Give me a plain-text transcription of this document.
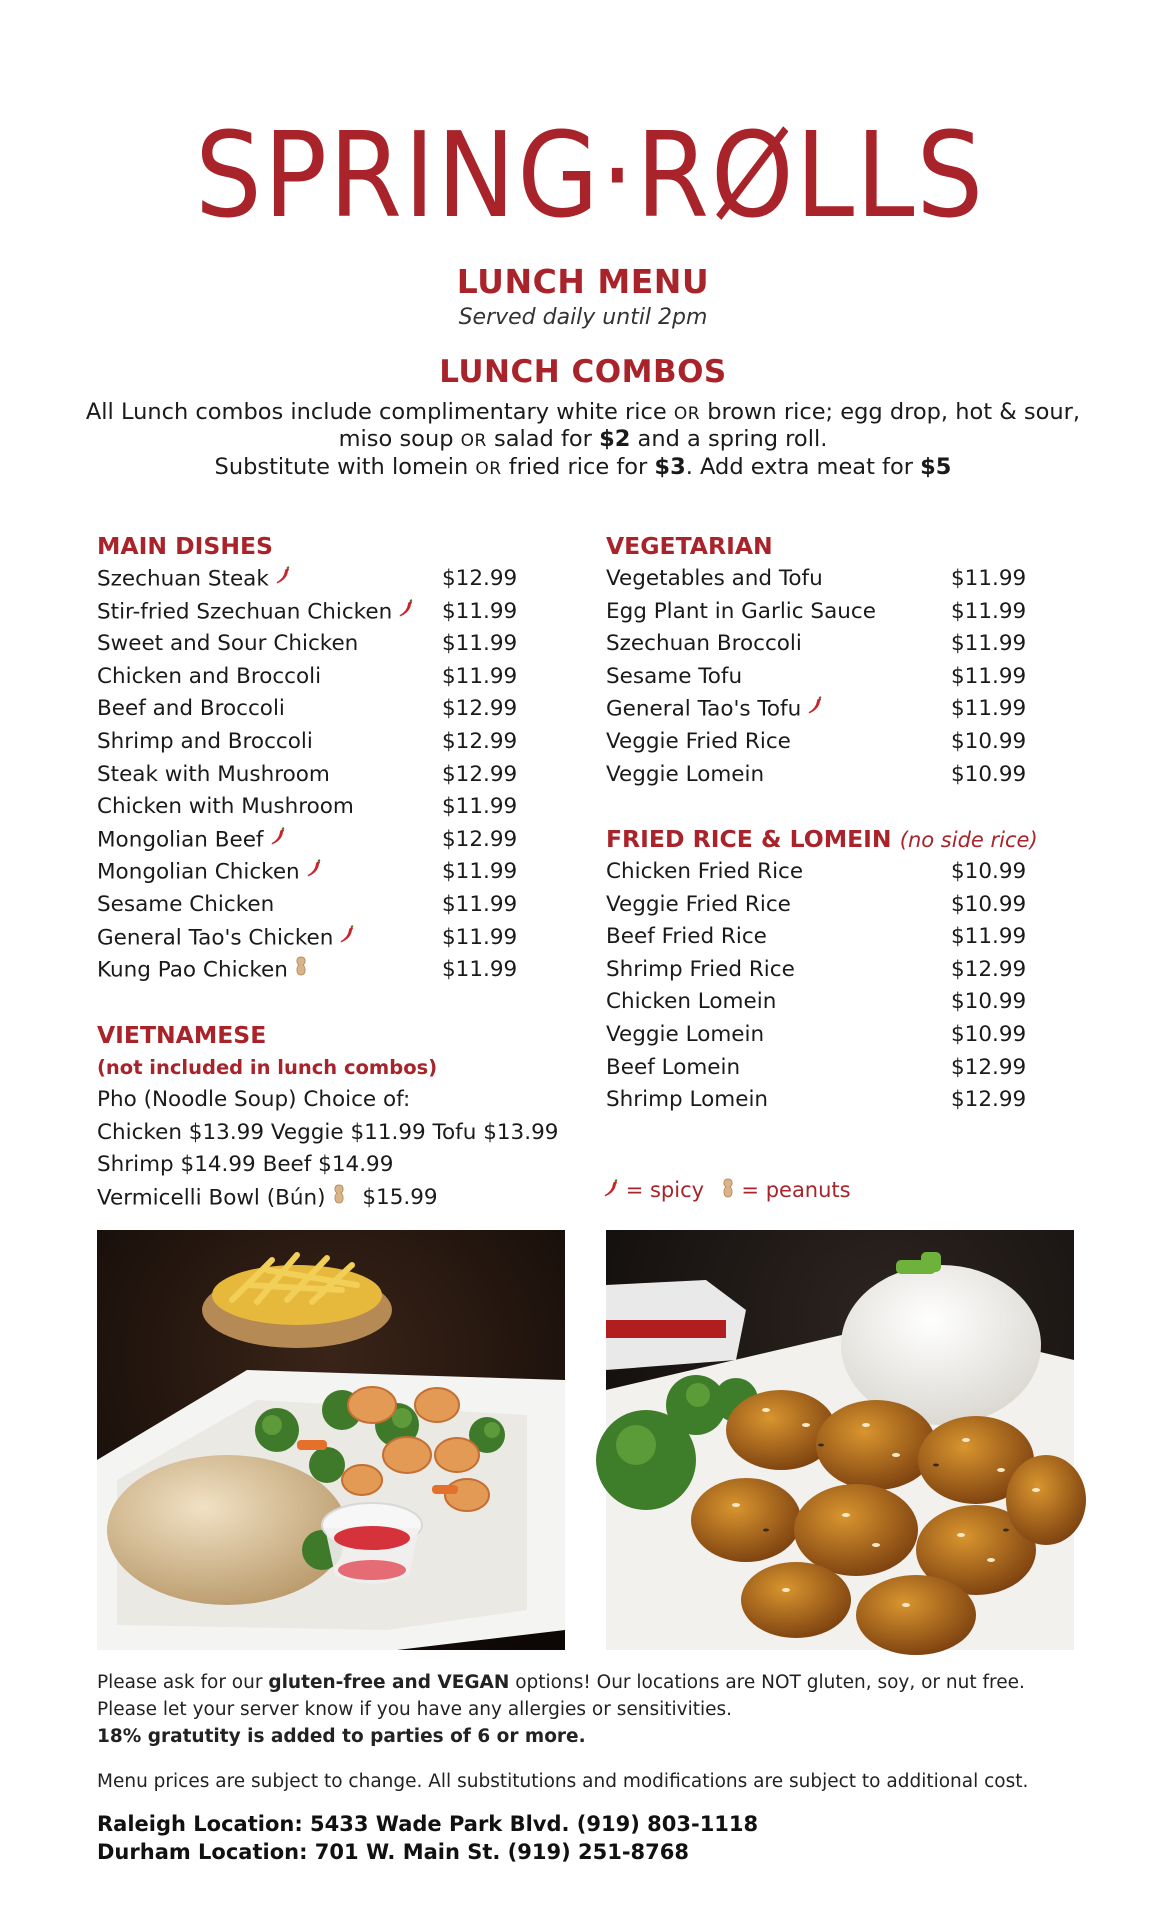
SPRING·RØLLS
LUNCH MENU
Served daily until 2pm
LUNCH COMBOS
All Lunch combos include complimentary white rice OR brown rice; egg drop, hot & sour,
miso soup OR salad for $2 and a spring roll.
Substitute with lomein OR fried rice for $3. Add extra meat for $5
MAIN DISHES
Szechuan Steak	$12.99
Stir-fried Szechuan Chicken $11.99
Sweet and Sour Chicken	$11.99
Chicken and Broccoli	$11.99
Beef and Broccoli	$12.99
Shrimp and Broccoli	$12.99
Steak with Mushroom	$12.99
Chicken with Mushroom	$11.99
Mongolian Beef	$12.99
Mongolian Chicken	$11.99
Sesame Chicken	$11.99
General Tao's Chicken	$11.99
Kung Pao Chicken	$11.99
VEGETARIAN
Vegetables and Tofu	$11.99
Egg Plant in Garlic Sauce	$11.99
Szechuan Broccoli	$11.99
Sesame Tofu	$11.99
General Tao's Tofu	$11.99
Veggie Fried Rice	$10.99
Veggie Lomein	$10.99
FRIED RICE & LOMEIN (no side rice)
Chicken Fried Rice	$10.99
Veggie Fried Rice	$10.99
Beef Fried Rice	$11.99
Shrimp Fried Rice	$12.99
Chicken Lomein	$10.99
Veggie Lomein	$10.99
Beef Lomein	$12.99
Shrimp Lomein	$12.99
VIETNAMESE
(not included in lunch combos)
Pho (Noodle Soup) Choice of:
Chicken $13.99 Veggie $11.99 Tofu $13.99
Shrimp $14.99 Beef $14.99
Vermicelli Bowl (Bún) $15.99	= spicy = peanuts
Please ask for our gluten-free and VEGAN options! Our locations are NOT gluten, soy, or nut free.
Please let your server know if you have any allergies or sensitivities.
18% gratutity is added to parties of 6 or more.
Menu prices are subject to change. All substitutions and modifications are subject to additional cost.
Raleigh Location: 5433 Wade Park Blvd. (919) 803-1118
Durham Location: 701 W. Main St. (919) 251-8768
